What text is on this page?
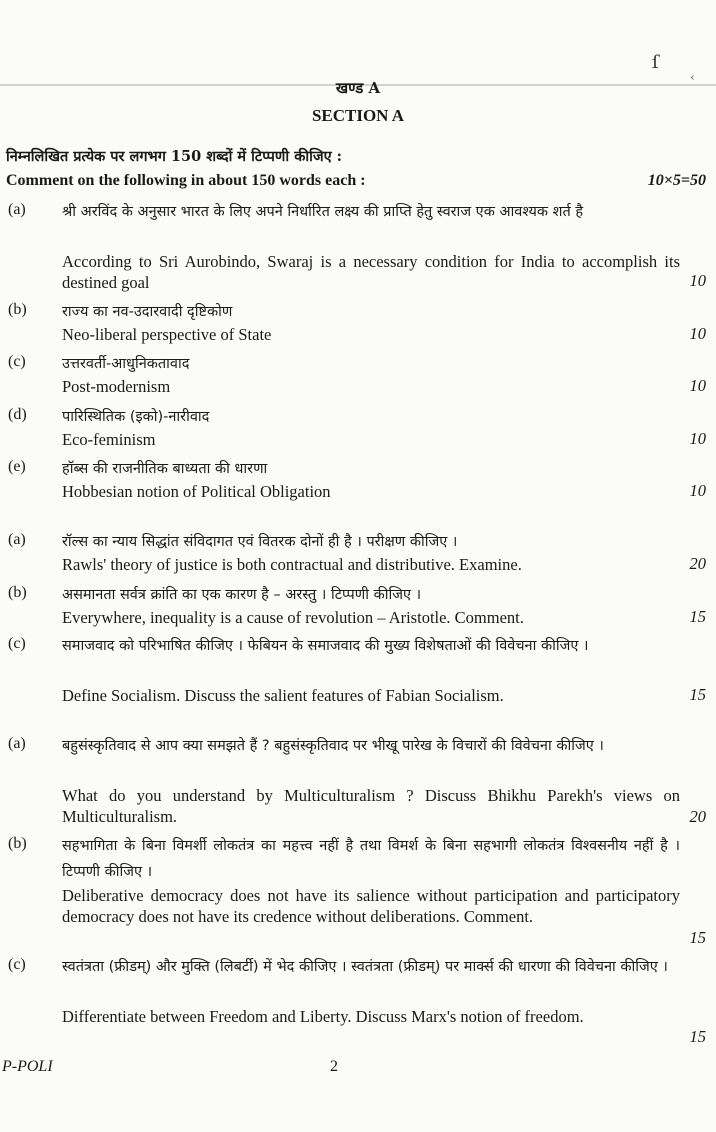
ſ
‹
खण्ड A
SECTION A
निम्नलिखित प्रत्येक पर लगभग 150 शब्दों में टिप्पणी कीजिए :
Comment on the following in about 150 words each :	10×5=50
(a)	श्री अरविंद के अनुसार भारत के लिए अपने निर्धारित लक्ष्य की प्राप्ति हेतु स्वराज एक आवश्यक शर्त है
According to Sri Aurobindo, Swaraj is a necessary condition for India to accomplish its destined goal	10
(b)	राज्य का नव-उदारवादी दृष्टिकोण
Neo-liberal perspective of State	10
(c)	उत्तरवर्ती-आधुनिकतावाद
Post-modernism	10
(d)	पारिस्थितिक (इको)-नारीवाद
Eco-feminism	10
(e)	हॉब्स की राजनीतिक बाध्यता की धारणा
Hobbesian notion of Political Obligation	10
(a)	रॉल्स का न्याय सिद्धांत संविदागत एवं वितरक दोनों ही है । परीक्षण कीजिए ।
Rawls' theory of justice is both contractual and distributive. Examine.	20
(b)	असमानता सर्वत्र क्रांति का एक कारण है – अरस्तु । टिप्पणी कीजिए ।
Everywhere, inequality is a cause of revolution – Aristotle. Comment.	15
(c)	समाजवाद को परिभाषित कीजिए । फेबियन के समाजवाद की मुख्य विशेषताओं की विवेचना कीजिए ।
Define Socialism. Discuss the salient features of Fabian Socialism.	15
(a)	बहुसंस्कृतिवाद से आप क्या समझते हैं ? बहुसंस्कृतिवाद पर भीखू पारेख के विचारों की विवेचना कीजिए ।
What do you understand by Multiculturalism ? Discuss Bhikhu Parekh's views on Multiculturalism.	20
(b)	सहभागिता के बिना विमर्शी लोकतंत्र का महत्त्व नहीं है तथा विमर्श के बिना सहभागी लोकतंत्र विश्वसनीय नहीं है । टिप्पणी कीजिए ।
Deliberative democracy does not have its salience without participation and participatory democracy does not have its credence without deliberations. Comment.
15
(c)	स्वतंत्रता (फ्रीडम्) और मुक्ति (लिबर्टी) में भेद कीजिए । स्वतंत्रता (फ्रीडम्) पर मार्क्स की धारणा की विवेचना कीजिए ।
Differentiate between Freedom and Liberty. Discuss Marx's notion of freedom.
15
P-POLI	2
